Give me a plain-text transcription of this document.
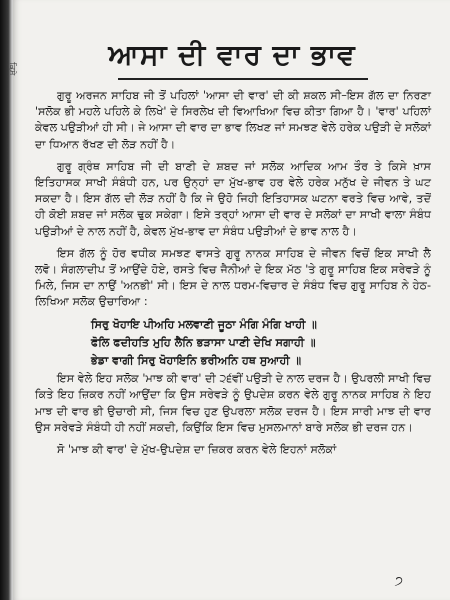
ਆਸਾ ਦੀ ਵਾਰ ਦਾ ਭਾਵ

ਗੁਰੂ ਅਰਜਨ ਸਾਹਿਬ ਜੀ ਤੋਂ ਪਹਿਲਾਂ 'ਆਸਾ ਦੀ ਵਾਰ' ਦੀ ਕੀ ਸ਼ਕਲ ਸੀ–ਇਸ ਗੱਲ ਦਾ ਨਿਰਣਾ 'ਸਲੋਕ ਭੀ ਮਹਲੇ ਪਹਿਲੇ ਕੇ ਲਿਖੇ' ਦੇ ਸਿਰਲੇਖ ਦੀ ਵਿਆਖਿਆ ਵਿਚ ਕੀਤਾ ਗਿਆ ਹੈ। 'ਵਾਰ' ਪਹਿਲਾਂ ਕੇਵਲ ਪਉੜੀਆਂ ਹੀ ਸੀ। ਜੇ ਆਸਾ ਦੀ ਵਾਰ ਦਾ ਭਾਵ ਲਿਖਣ ਜਾਂ ਸਮਝਣ ਵੇਲੇ ਹਰੇਕ ਪਉੜੀ ਦੇ ਸਲੋਕਾਂ ਦਾ ਧਿਆਨ ਰੱਖਣ ਦੀ ਲੋੜ ਨਹੀਂ ਹੈ।

ਗੁਰੂ ਗ੍ਰੰਥ ਸਾਹਿਬ ਜੀ ਦੀ ਬਾਣੀ ਦੇ ਸ਼ਬਦ ਜਾਂ ਸਲੋਕ ਆਦਿਕ ਆਮ ਤੌਰ ਤੇ ਕਿਸੇ ਖ਼ਾਸ ਇਤਿਹਾਸਕ ਸਾਖੀ ਸੰਬੰਧੀ ਹਨ, ਪਰ ਉਨ੍ਹਾਂ ਦਾ ਮੁੱਖ-ਭਾਵ ਹਰ ਵੇਲੇ ਹਰੇਕ ਮਨੁੱਖ ਦੇ ਜੀਵਨ ਤੇ ਘਟ ਸਕਦਾ ਹੈ। ਇਸ ਗੱਲ ਦੀ ਲੋੜ ਨਹੀਂ ਹੈ ਕਿ ਜੇ ਉਹੋ ਜਿਹੀ ਇਤਿਹਾਸਕ ਘਟਨਾ ਵਰਤੇ ਵਿਚ ਆਵੇ, ਤਦੋਂ ਹੀ ਕੋਈ ਸ਼ਬਦ ਜਾਂ ਸਲੋਕ ਢੁਕ ਸਕੇਗਾ। ਇਸੇ ਤਰ੍ਹਾਂ ਆਸਾ ਦੀ ਵਾਰ ਦੇ ਸਲੋਕਾਂ ਦਾ ਸਾਖੀ ਵਾਲਾ ਸੰਬੰਧ ਪਉੜੀਆਂ ਦੇ ਨਾਲ ਨਹੀਂ ਹੈ, ਕੇਵਲ ਮੁੱਖ-ਭਾਵ ਦਾ ਸੰਬੰਧ ਪਉੜੀਆਂ ਦੇ ਭਾਵ ਨਾਲ ਹੈ।

ਇਸ ਗੱਲ ਨੂੰ ਹੋਰ ਵਧੀਕ ਸਮਝਣ ਵਾਸਤੇ ਗੁਰੂ ਨਾਨਕ ਸਾਹਿਬ ਦੇ ਜੀਵਨ ਵਿਚੋਂ ਇਕ ਸਾਖੀ ਲੈ ਲਵੋ। ਸੰਗਲਾਦੀਪ ਤੋਂ ਆਉਂਦੇ ਹੋਏ, ਰਸਤੇ ਵਿਚ ਜੈਨੀਆਂ ਦੇ ਇਕ ਮੱਠ 'ਤੇ ਗੁਰੂ ਸਾਹਿਬ ਇਕ ਸਰੇਵੜੇ ਨੂੰ ਮਿਲੇ, ਜਿਸ ਦਾ ਨਾਉਂ 'ਅਨਭੀ' ਸੀ। ਇਸ ਦੇ ਨਾਲ ਧਰਮ-ਵਿਚਾਰ ਦੇ ਸੰਬੰਧ ਵਿਚ ਗੁਰੂ ਸਾਹਿਬ ਨੇ ਹੇਠ-ਲਿਖਿਆ ਸਲੋਕ ਉਚਾਰਿਆ :

ਸਿਰੁ ਖੋਹਾਇ ਪੀਅਹਿ ਮਲਵਾਣੀ ਜੂਠਾ ਮੰਗਿ ਮੰਗਿ ਖਾਹੀ ॥

ਫੋਲਿ ਫਦੀਹਤਿ ਮੁਹਿ ਲੈਨਿ ਭੜਾਸਾ ਪਾਣੀ ਦੇਖਿ ਸਗਾਹੀ ॥

ਭੇਡਾ ਵਾਗੀ ਸਿਰੁ ਖੋਹਾਇਨਿ ਭਰੀਅਨਿ ਹਥ ਸੁਆਹੀ ॥

ਇਸ ਵੇਲੇ ਇਹ ਸਲੋਕ 'ਮਾਝ ਕੀ ਵਾਰ' ਦੀ ੨੬ਵੀਂ ਪਉੜੀ ਦੇ ਨਾਲ ਦਰਜ ਹੈ। ਉਪਰਲੀ ਸਾਖੀ ਵਿਚ ਕਿਤੇ ਇਹ ਜ਼ਿਕਰ ਨਹੀਂ ਆਉਂਦਾ ਕਿ ਉਸ ਸਰੇਵੜੇ ਨੂੰ ਉਪਦੇਸ਼ ਕਰਨ ਵੇਲੇ ਗੁਰੂ ਨਾਨਕ ਸਾਹਿਬ ਨੇ ਇਹ ਮਾਝ ਦੀ ਵਾਰ ਭੀ ਉਚਾਰੀ ਸੀ, ਜਿਸ ਵਿਚ ਹੁਣ ਉਪਰਲਾ ਸਲੋਕ ਦਰਜ ਹੈ। ਇਸ ਸਾਰੀ ਮਾਝ ਦੀ ਵਾਰ ਉਸ ਸਰੇਵੜੇ ਸੰਬੰਧੀ ਹੀ ਨਹੀਂ ਸਕਦੀ, ਕਿਉਂਕਿ ਇਸ ਵਿਚ ਮੁਸਲਮਾਨਾਂ ਬਾਰੇ ਸਲੋਕ ਭੀ ਦਰਜ ਹਨ।

ਸੋ 'ਮਾਝ ਕੀ ਵਾਰ' ਦੇ ਮੁੱਖ-ਉਪਦੇਸ਼ ਦਾ ਜ਼ਿਕਰ ਕਰਨ ਵੇਲੇ ਇਹਨਾਂ ਸਲੋਕਾਂ

੭
ਕਿਸੇ
